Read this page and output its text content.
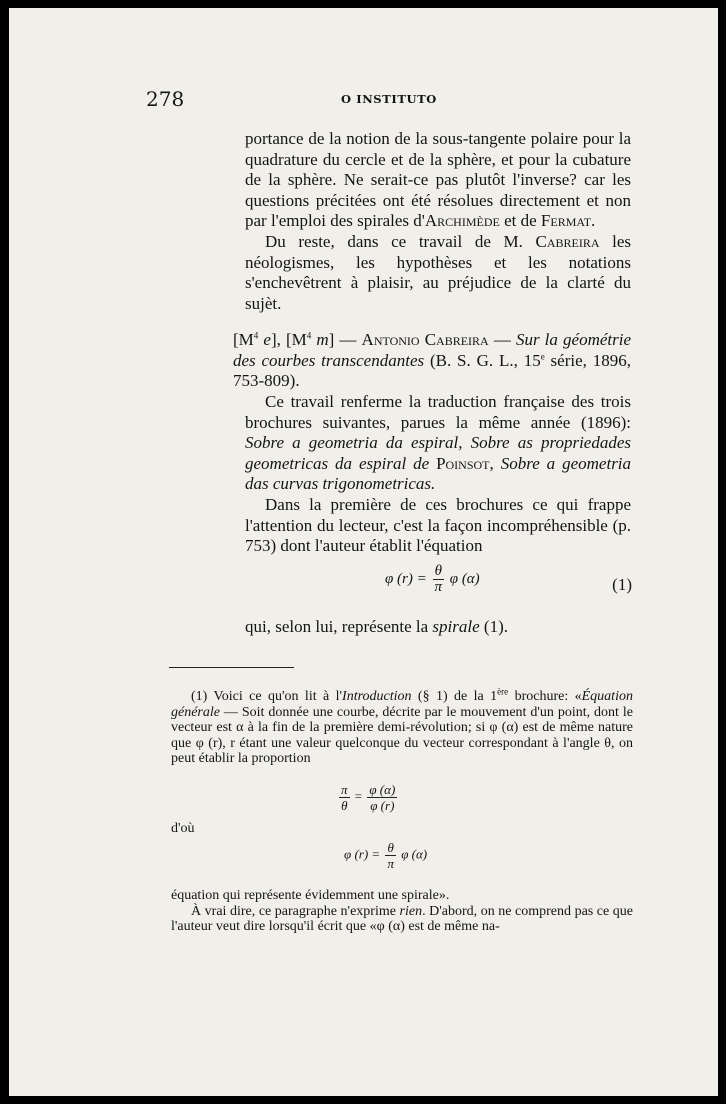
278	O INSTITUTO

portance de la notion de la sous-tangente polaire pour la quadrature du cercle et de la sphère, et pour la cubature de la sphère. Ne serait-ce pas plutôt l'inverse? car les questions précitées ont été résolues directement et non par l'emploi des spirales d'Archimède et de Fermat.

Du reste, dans ce travail de M. Cabreira les néologismes, les hypothèses et les notations s'enchevêtrent à plaisir, au préjudice de la clarté du sujèt.

[$M^4$ e], [$M^4$ m] — Antonio Cabreira — Sur la géométrie des courbes transcendantes (B. S. G. L., 15e série, 1896, 753-809).

Ce travail renferme la traduction française des trois brochures suivantes, parues la même année (1896): Sobre a geometria da espiral, Sobre as propriedades geometricas da espiral de Poinsot, Sobre a geometria das curvas trigonometricas.

Dans la première de ces brochures ce qui frappe l'attention du lecteur, c'est la façon incompréhensible (p. 753) dont l'auteur établit l'équation

φ $(r) = \frac{\theta}{\pi}$ φ (α)	(1)

qui, selon lui, représente la spirale (1).

(1) Voici ce qu'on lit à l'Introduction (§ 1) de la 1ère brochure: «Équation générale — Soit donnée une courbe, décrite par le mouvement d'un point, dont le vecteur est α à la fin de la première demi-révolution; si φ (α) est de même nature que φ (r), r étant une valeur quelconque du vecteur correspondant à l'angle θ, on peut établir la proportion

$\frac{\pi}{\theta} = \frac{\varphi (\alpha)}{\varphi (r)}$
d'où
φ $(r) = \frac{\theta}{\pi}$ φ (α)

équation qui représente évidemment une spirale».

À vrai dire, ce paragraphe n'exprime rien. D'abord, on ne comprend pas ce que l'auteur veut dire lorsqu'il écrit que «φ (α) est de même na-
